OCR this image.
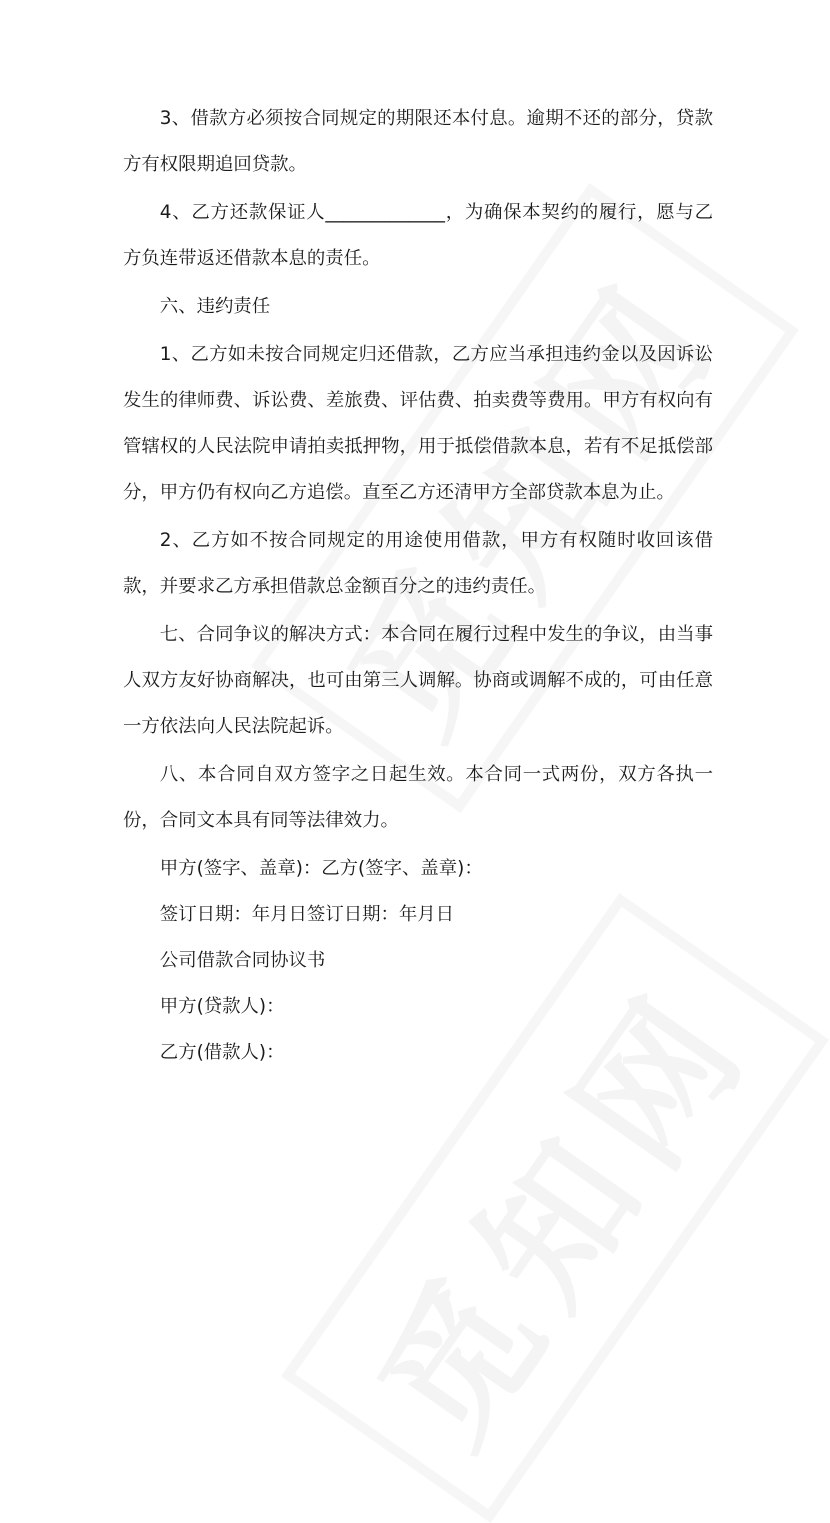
3、借款方必须按合同规定的期限还本付息。逾期不还的部分，贷款方有权限期追回贷款。

4、乙方还款保证人_____________，为确保本契约的履行，愿与乙方负连带返还借款本息的责任。

六、违约责任

1、乙方如未按合同规定归还借款，乙方应当承担违约金以及因诉讼发生的律师费、诉讼费、差旅费、评估费、拍卖费等费用。甲方有权向有管辖权的人民法院申请拍卖抵押物，用于抵偿借款本息，若有不足抵偿部分，甲方仍有权向乙方追偿。直至乙方还清甲方全部贷款本息为止。

2、乙方如不按合同规定的用途使用借款，甲方有权随时收回该借款，并要求乙方承担借款总金额百分之的违约责任。

七、合同争议的解决方式：本合同在履行过程中发生的争议，由当事人双方友好协商解决，也可由第三人调解。协商或调解不成的，可由任意一方依法向人民法院起诉。

八、本合同自双方签字之日起生效。本合同一式两份，双方各执一份，合同文本具有同等法律效力。

甲方(签字、盖章)：乙方(签字、盖章)：

签订日期：年月日签订日期：年月日

公司借款合同协议书

甲方(贷款人)：

乙方(借款人)：
